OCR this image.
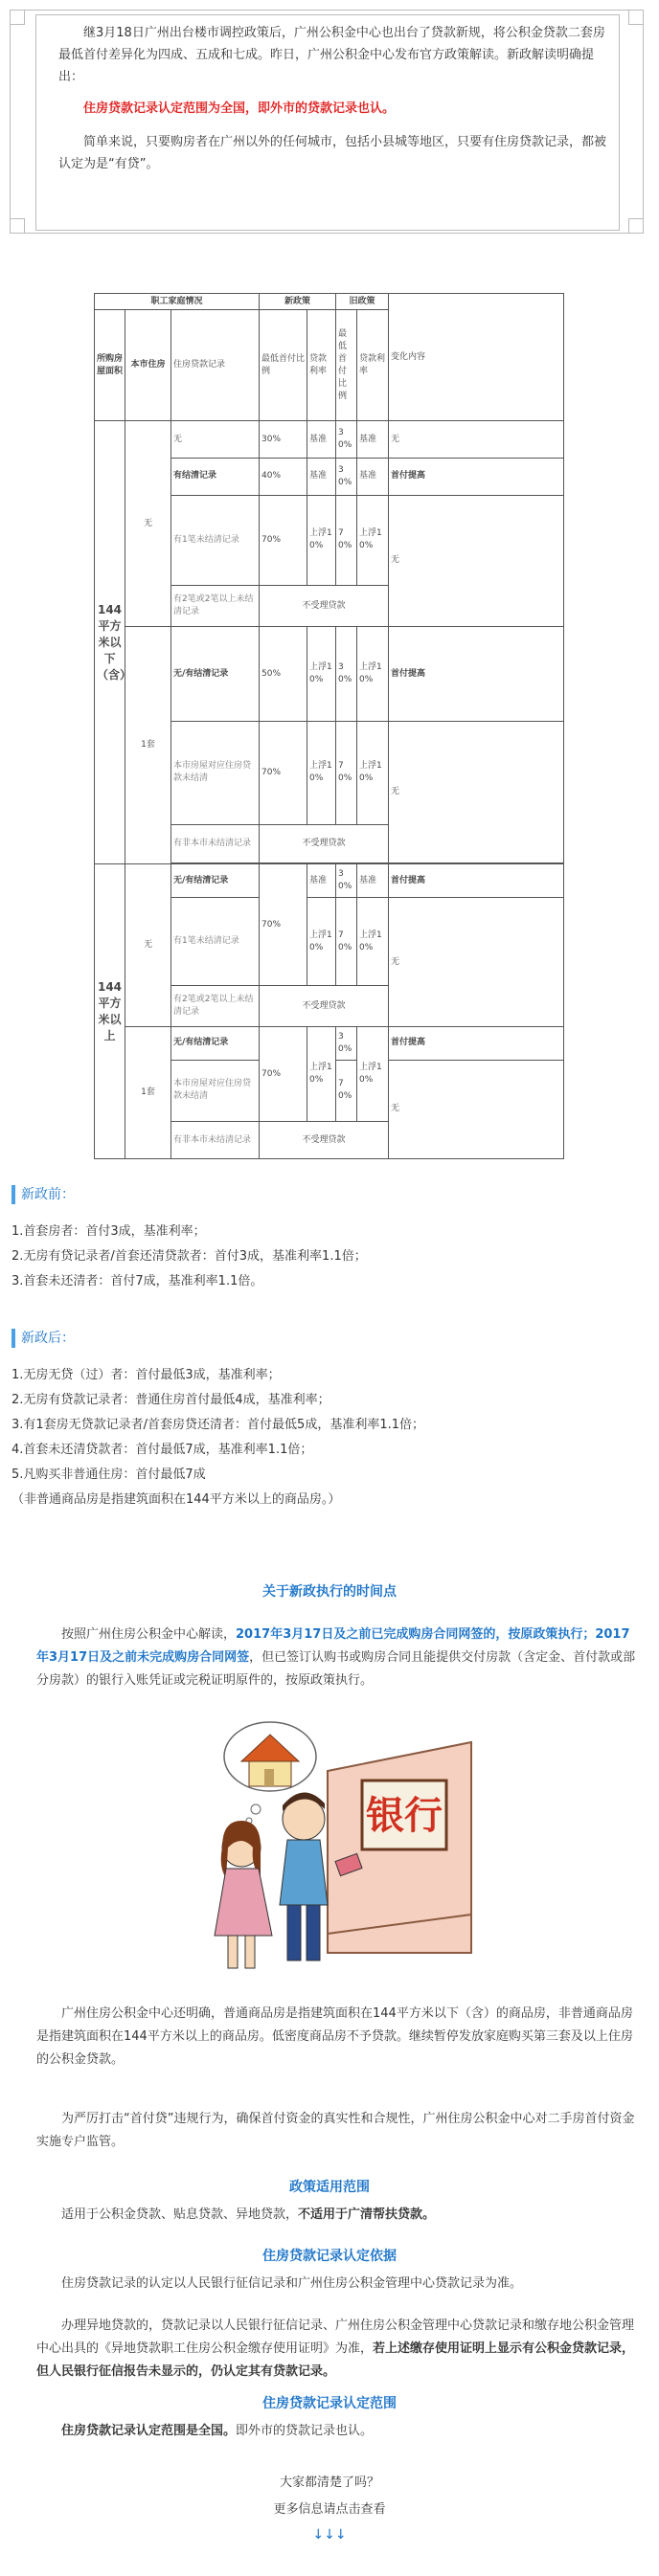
继3月18日广州出台楼市调控政策后，广州公积金中心也出台了贷款新规，将公积金贷款二套房最低首付差异化为四成、五成和七成。昨日，广州公积金中心发布官方政策解读。新政解读明确提出：

住房贷款记录认定范围为全国，即外市的贷款记录也认。

简单来说，只要购房者在广州以外的任何城市，包括小县城等地区，只要有住房贷款记录，都被认定为是“有贷”。

职工家庭情况			新政策		旧政策		变化内容
所购房屋面积	本市住房	住房贷款记录	最低首付比例	贷款利率	最低首付比例	贷款利率	
144平方米以下（含）	无	无	30%	基准	30%	基准	无
		有结清记录	40%	基准	30%	基准	首付提高
		有1笔未结清记录	70%	上浮10%	70%	上浮10%	无
		有2笔或2笔以上未结清记录	不受理贷款				
	1套	无/有结清记录	50%	上浮10%	30%	上浮10%	首付提高
		本市房屋对应住房贷款未结清	70%	上浮10%	70%	上浮10%	无
		有非本市未结清记录	不受理贷款				

144平方米以上	无	无/有结清记录	70%	基准	30%	基准	首付提高
		有1笔未结清记录		上浮10%	70%	上浮10%	无
		有2笔或2笔以上未结清记录	不受理贷款				
	1套	无/有结清记录	70%	上浮10%	30%	上浮10%	首付提高
		本市房屋对应住房贷款未结清			70%		无
		有非本市未结清记录	不受理贷款				
新政前：
1.首套房者：首付3成，基准利率；
2.无房有贷记录者/首套还清贷款者：首付3成，基准利率1.1倍；
3.首套未还清者：首付7成，基准利率1.1倍。
新政后：
1.无房无贷（过）者：首付最低3成，基准利率；
2.无房有贷款记录者：普通住房首付最低4成，基准利率；
3.有1套房无贷款记录者/首套房贷还清者：首付最低5成，基准利率1.1倍；
4.首套未还清贷款者：首付最低7成，基准利率1.1倍；
5.凡购买非普通住房：首付最低7成
（非普通商品房是指建筑面积在144平方米以上的商品房。）
关于新政执行的时间点
按照广州住房公积金中心解读，2017年3月17日及之前已完成购房合同网签的，按原政策执行；2017年3月17日及之前未完成购房合同网签，但已签订认购书或购房合同且能提供交付房款（含定金、首付款或部分房款）的银行入账凭证或完税证明原件的，按原政策执行。
银行
广州住房公积金中心还明确，普通商品房是指建筑面积在144平方米以下（含）的商品房，非普通商品房是指建筑面积在144平方米以上的商品房。低密度商品房不予贷款。继续暂停发放家庭购买第三套及以上住房的公积金贷款。
为严厉打击“首付贷”违规行为，确保首付资金的真实性和合规性，广州住房公积金中心对二手房首付资金实施专户监管。
政策适用范围
适用于公积金贷款、贴息贷款、异地贷款，不适用于广清帮扶贷款。
住房贷款记录认定依据
住房贷款记录的认定以人民银行征信记录和广州住房公积金管理中心贷款记录为准。
办理异地贷款的，贷款记录以人民银行征信记录、广州住房公积金管理中心贷款记录和缴存地公积金管理中心出具的《异地贷款职工住房公积金缴存使用证明》为准，若上述缴存使用证明上显示有公积金贷款记录，但人民银行征信报告未显示的，仍认定其有贷款记录。
住房贷款记录认定范围
住房贷款记录认定范围是全国。即外市的贷款记录也认。
大家都清楚了吗？
更多信息请点击查看
↓↓↓
